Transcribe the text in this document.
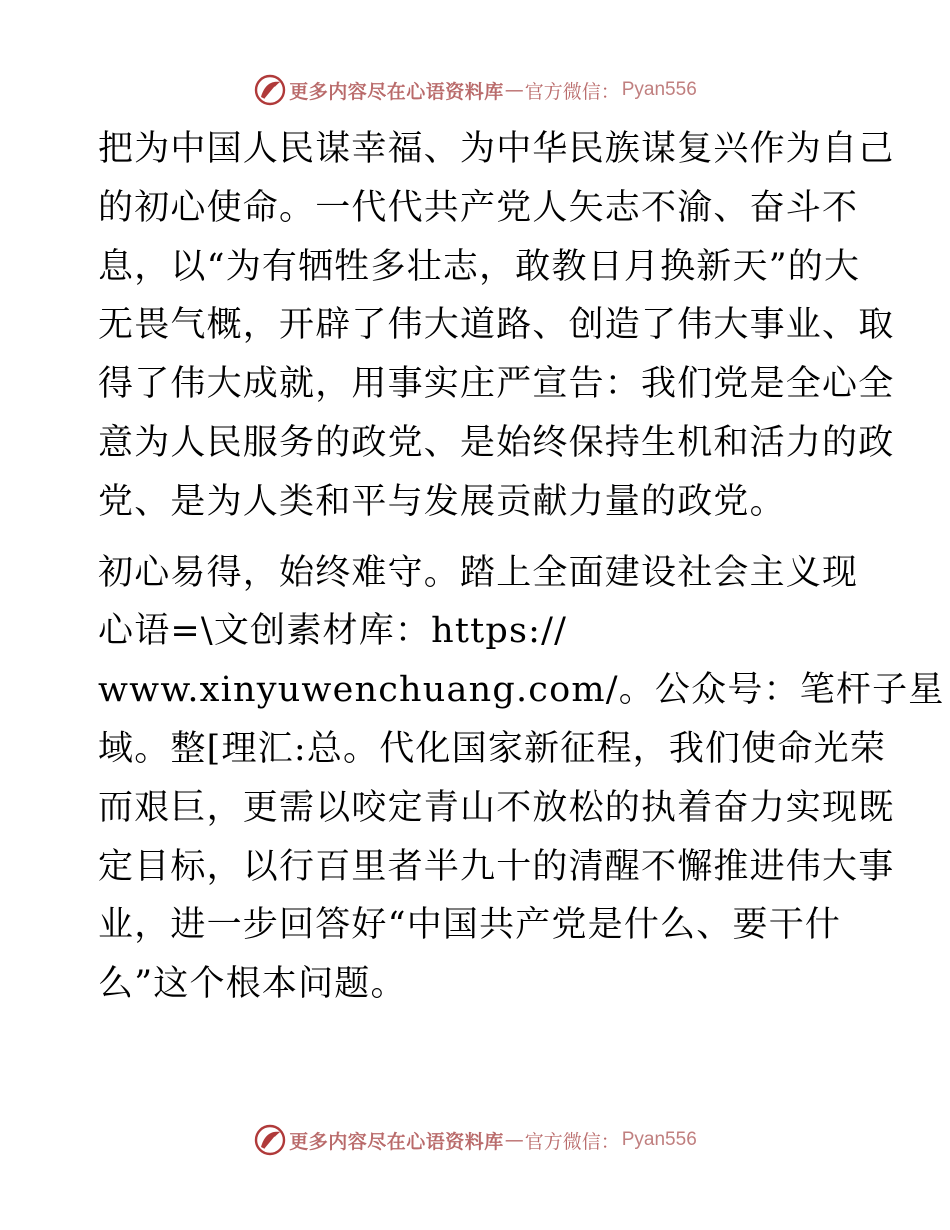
更多内容尽在心语资料库 — 官方微信： Pyan556
把为中国人民谋幸福、为中华民族谋复兴作为自己
的初心使命。一代代共产党人矢志不渝、奋斗不
息，以“为有牺牲多壮志，敢教日月换新天”的大
无畏气概，开辟了伟大道路、创造了伟大事业、取
得了伟大成就，用事实庄严宣告：我们党是全心全
意为人民服务的政党、是始终保持生机和活力的政
党、是为人类和平与发展贡献力量的政党。
初心易得，始终难守。踏上全面建设社会主义现
心语=\文创素材库：https://
www.xinyuwenchuang.com/。公众号：笔杆子星
域。整[理汇:总。代化国家新征程，我们使命光荣
而艰巨，更需以咬定青山不放松的执着奋力实现既
定目标，以行百里者半九十的清醒不懈推进伟大事
业，进一步回答好“中国共产党是什么、要干什
么”这个根本问题。
更多内容尽在心语资料库 — 官方微信： Pyan556
